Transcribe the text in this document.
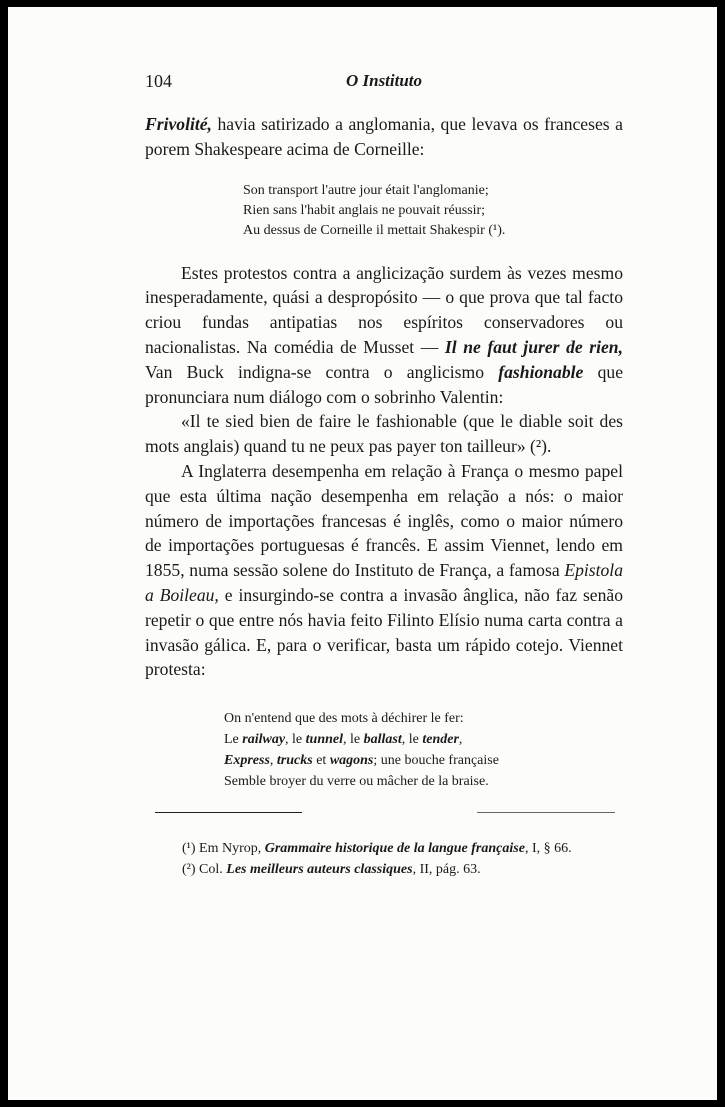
104	O Instituto

Frivolité, havia satirizado a anglomania, que levava os franceses a porem Shakespeare acima de Corneille:

Son transport l'autre jour était l'anglomanie;
Rien sans l'habit anglais ne pouvait réussir;
Au dessus de Corneille il mettait Shakespir (¹).

Estes protestos contra a anglicização surdem às vezes mesmo inesperadamente, quási a despropósito — o que prova que tal facto criou fundas antipatias nos espíritos conservadores ou nacionalistas. Na comédia de Musset — Il ne faut jurer de rien, Van Buck indigna-se contra o anglicismo fashionable que pronunciara num diálogo com o sobrinho Valentin:

«Il te sied bien de faire le fashionable (que le diable soit des mots anglais) quand tu ne peux pas payer ton tailleur» (²).

A Inglaterra desempenha em relação à França o mesmo papel que esta última nação desempenha em relação a nós: o maior número de importações francesas é inglês, como o maior número de importações portuguesas é francês. E assim Viennet, lendo em 1855, numa sessão solene do Instituto de França, a famosa Epistola a Boileau, e insurgindo-se contra a invasão ânglica, não faz senão repetir o que entre nós havia feito Filinto Elísio numa carta contra a invasão gálica. E, para o verificar, basta um rápido cotejo. Viennet protesta:

On n'entend que des mots à déchirer le fer:
Le railway, le tunnel, le ballast, le tender,
Express, trucks et wagons; une bouche française
Semble broyer du verre ou mâcher de la braise.
(¹) Em Nyrop, Grammaire historique de la langue française, I, § 66.
(²) Col. Les meilleurs auteurs classiques, II, pág. 63.
